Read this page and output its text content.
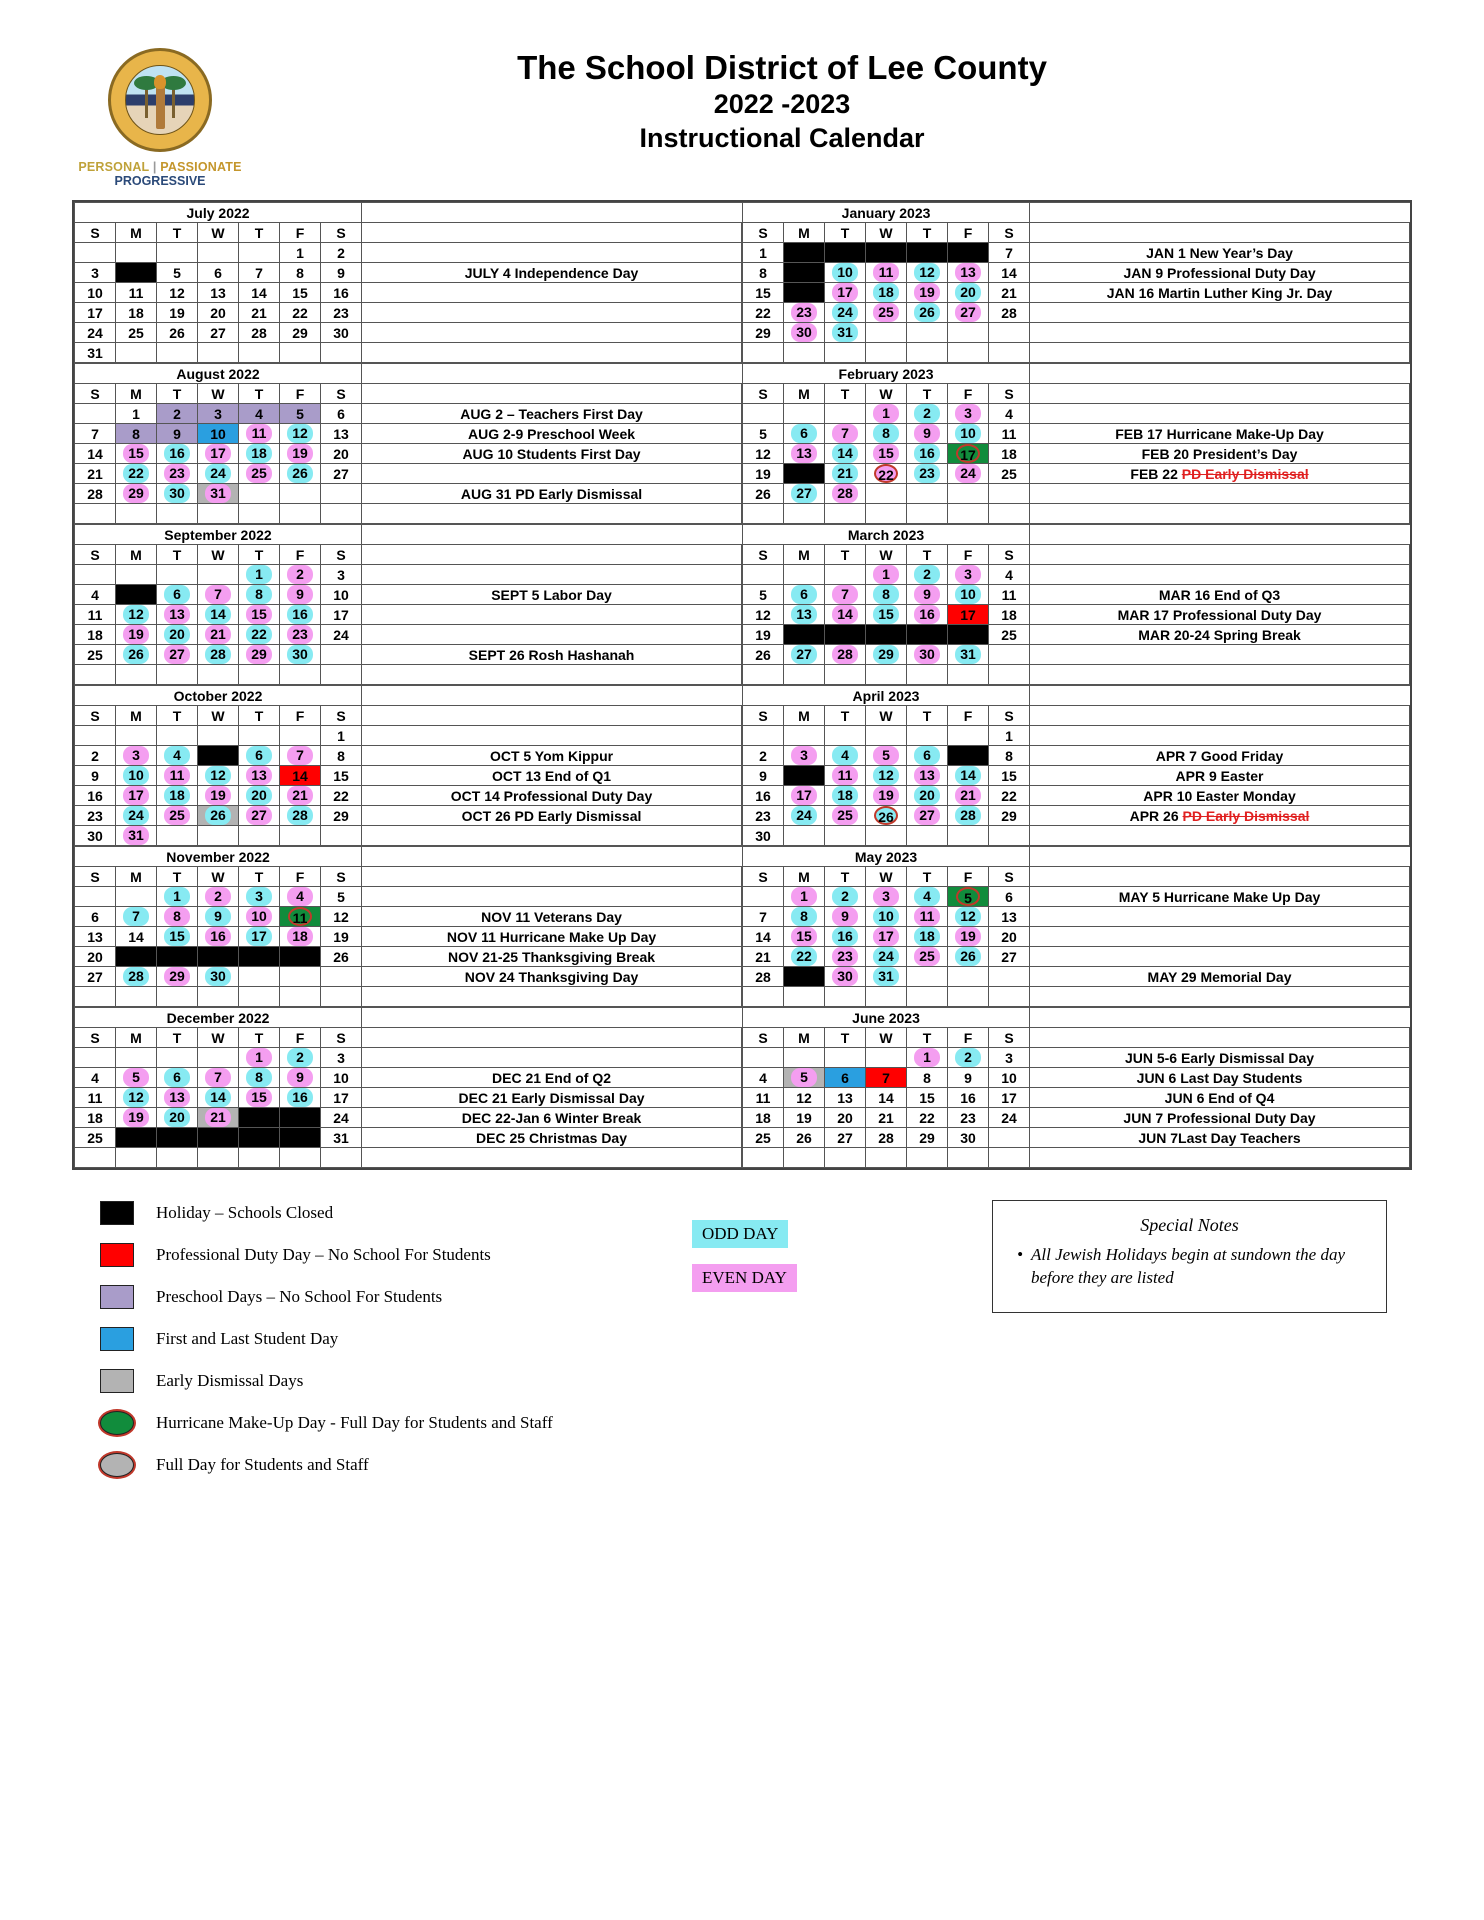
PERSONAL | PASSIONATE
PROGRESSIVE
The School District of Lee County
2022 -2023
Instructional Calendar
July 2022							
S	M	T	W	T	F	S	
					1	2	
3	4	5	6	7	8	9	JULY 4 Independence Day
10	11	12	13	14	15	16	
17	18	19	20	21	22	23	
24	25	26	27	28	29	30	
31							
August 2022							
S	M	T	W	T	F	S	
	1	2	3	4	5	6	AUG 2 – Teachers First Day
7	8	9	10	11	12	13	AUG 2-9 Preschool Week
14	15	16	17	18	19	20	AUG 10 Students First Day
21	22	23	24	25	26	27	
28	29	30	31				AUG 31 PD Early Dismissal

September 2022							
S	M	T	W	T	F	S	
				1	2	3	
4	5	6	7	8	9	10	SEPT 5 Labor Day
11	12	13	14	15	16	17	
18	19	20	21	22	23	24	
25	26	27	28	29	30		SEPT 26 Rosh Hashanah

October 2022							
S	M	T	W	T	F	S	
						1	
2	3	4	5	6	7	8	OCT 5 Yom Kippur
9	10	11	12	13	14	15	OCT 13 End of Q1
16	17	18	19	20	21	22	OCT 14 Professional Duty Day
23	24	25	26	27	28	29	OCT 26 PD Early Dismissal
30	31						
November 2022							
S	M	T	W	T	F	S	
		1	2	3	4	5	
6	7	8	9	10	11	12	NOV 11 Veterans Day
13	14	15	16	17	18	19	NOV 11 Hurricane Make Up Day
20	21	22	23	24	25	26	NOV 21-25 Thanksgiving Break
27	28	29	30				NOV 24 Thanksgiving Day

December 2022							
S	M	T	W	T	F	S	
				1	2	3	
4	5	6	7	8	9	10	DEC 21 End of Q2
11	12	13	14	15	16	17	DEC 21 Early Dismissal Day
18	19	20	21	22	23	24	DEC 22-Jan 6 Winter Break
25	26	27	28	29	30	31	DEC 25 Christmas Day

January 2023							
S	M	T	W	T	F	S	
1	2	3	4	5	6	7	JAN 1 New Year’s Day
8	9	10	11	12	13	14	JAN 9 Professional Duty Day
15	16	17	18	19	20	21	JAN 16 Martin Luther King Jr. Day
22	23	24	25	26	27	28	
29	30	31					

February 2023							
S	M	T	W	T	F	S	
			1	2	3	4	
5	6	7	8	9	10	11	FEB 17 Hurricane Make-Up Day
12	13	14	15	16	17	18	FEB 20 President’s Day
19	20	21	22	23	24	25	FEB 22 PD Early Dismissal
26	27	28					

March 2023							
S	M	T	W	T	F	S	
			1	2	3	4	
5	6	7	8	9	10	11	MAR 16 End of Q3
12	13	14	15	16	17	18	MAR 17 Professional Duty Day
19	20	21	22	23	24	25	MAR 20-24 Spring Break
26	27	28	29	30	31		

April 2023							
S	M	T	W	T	F	S	
						1	
2	3	4	5	6	7	8	APR 7 Good Friday
9	10	11	12	13	14	15	APR 9 Easter
16	17	18	19	20	21	22	APR 10 Easter Monday
23	24	25	26	27	28	29	APR 26 PD Early Dismissal
30							
May 2023							
S	M	T	W	T	F	S	
	1	2	3	4	5	6	MAY 5 Hurricane Make Up Day
7	8	9	10	11	12	13	
14	15	16	17	18	19	20	
21	22	23	24	25	26	27	
28	29	30	31				MAY 29 Memorial Day

June 2023							
S	M	T	W	T	F	S	
				1	2	3	JUN 5-6 Early Dismissal Day
4	5	6	7	8	9	10	JUN 6 Last Day Students
11	12	13	14	15	16	17	JUN 6 End of Q4
18	19	20	21	22	23	24	JUN 7 Professional Duty Day
25	26	27	28	29	30		JUN 7Last Day Teachers

Holiday – Schools Closed
Professional Duty Day – No School For Students
Preschool Days – No School For Students
First and Last Student Day
Early Dismissal Days
Hurricane Make-Up Day - Full Day for Students and Staff
Full Day for Students and Staff
ODD DAY
EVEN DAY
Special Notes
• All Jewish Holidays begin at sundown the day before they are listed
